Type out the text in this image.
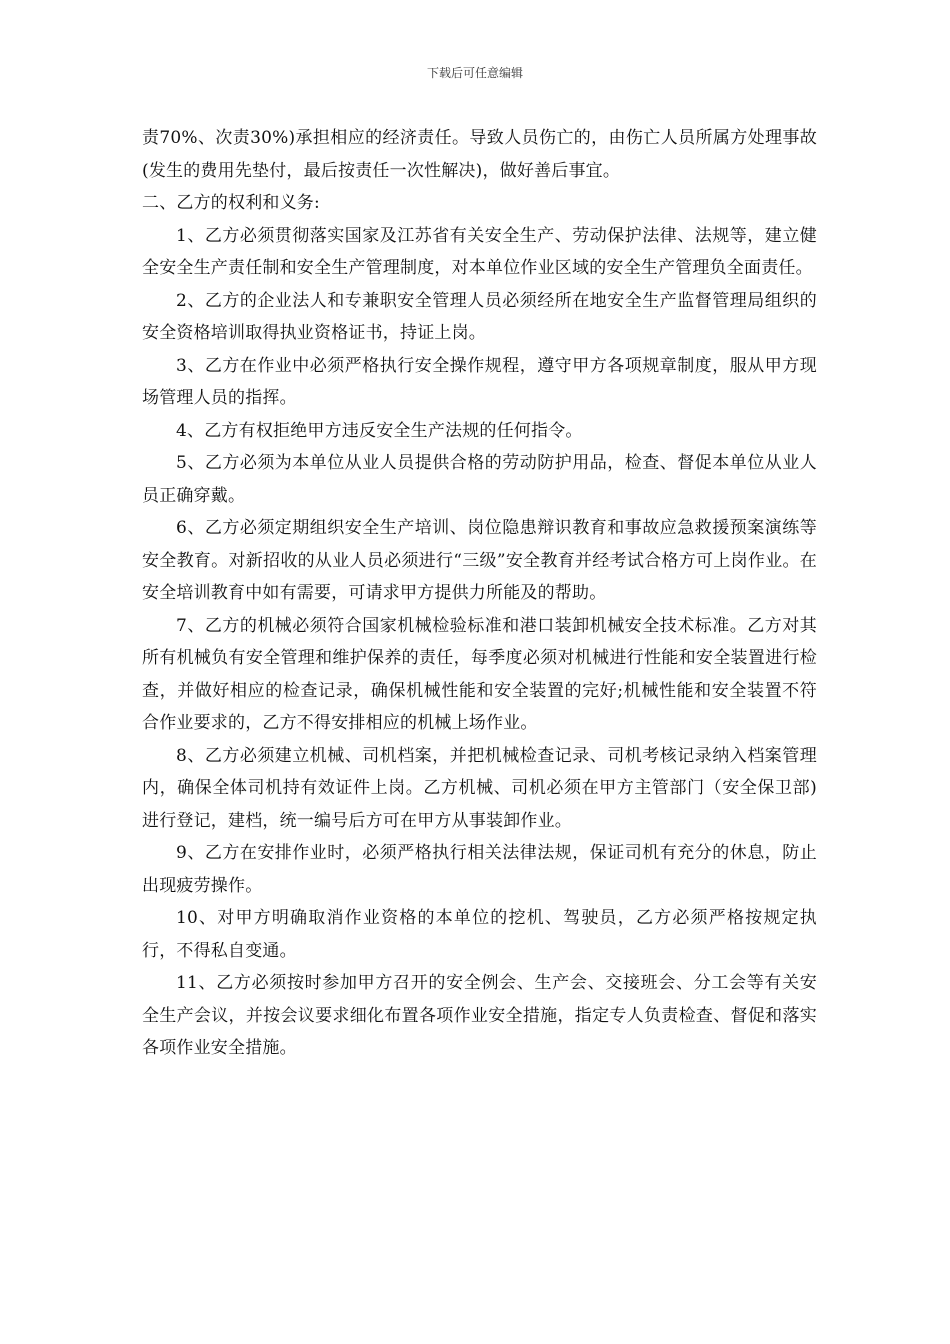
下载后可任意编辑

责70%、次责30%)承担相应的经济责任。导致人员伤亡的，由伤亡人员所属方处理事故(发生的费用先垫付，最后按责任一次性解决)，做好善后事宜。

二、乙方的权利和义务:

1、乙方必须贯彻落实国家及江苏省有关安全生产、劳动保护法律、法规等，建立健全安全生产责任制和安全生产管理制度，对本单位作业区域的安全生产管理负全面责任。

2、乙方的企业法人和专兼职安全管理人员必须经所在地安全生产监督管理局组织的安全资格培训取得执业资格证书，持证上岗。

3、乙方在作业中必须严格执行安全操作规程，遵守甲方各项规章制度，服从甲方现场管理人员的指挥。

4、乙方有权拒绝甲方违反安全生产法规的任何指令。

5、乙方必须为本单位从业人员提供合格的劳动防护用品，检查、督促本单位从业人员正确穿戴。

6、乙方必须定期组织安全生产培训、岗位隐患辩识教育和事故应急救援预案演练等安全教育。对新招收的从业人员必须进行“三级”安全教育并经考试合格方可上岗作业。在安全培训教育中如有需要，可请求甲方提供力所能及的帮助。

7、乙方的机械必须符合国家机械检验标准和港口装卸机械安全技术标准。乙方对其所有机械负有安全管理和维护保养的责任，每季度必须对机械进行性能和安全装置进行检查，并做好相应的检查记录，确保机械性能和安全装置的完好;机械性能和安全装置不符合作业要求的，乙方不得安排相应的机械上场作业。

8、乙方必须建立机械、司机档案，并把机械检查记录、司机考核记录纳入档案管理内，确保全体司机持有效证件上岗。乙方机械、司机必须在甲方主管部门（安全保卫部)进行登记，建档，统一编号后方可在甲方从事装卸作业。

9、乙方在安排作业时，必须严格执行相关法律法规，保证司机有充分的休息，防止出现疲劳操作。

10、对甲方明确取消作业资格的本单位的挖机、驾驶员，乙方必须严格按规定执行，不得私自变通。

11、乙方必须按时参加甲方召开的安全例会、生产会、交接班会、分工会等有关安全生产会议，并按会议要求细化布置各项作业安全措施，指定专人负责检查、督促和落实各项作业安全措施。
